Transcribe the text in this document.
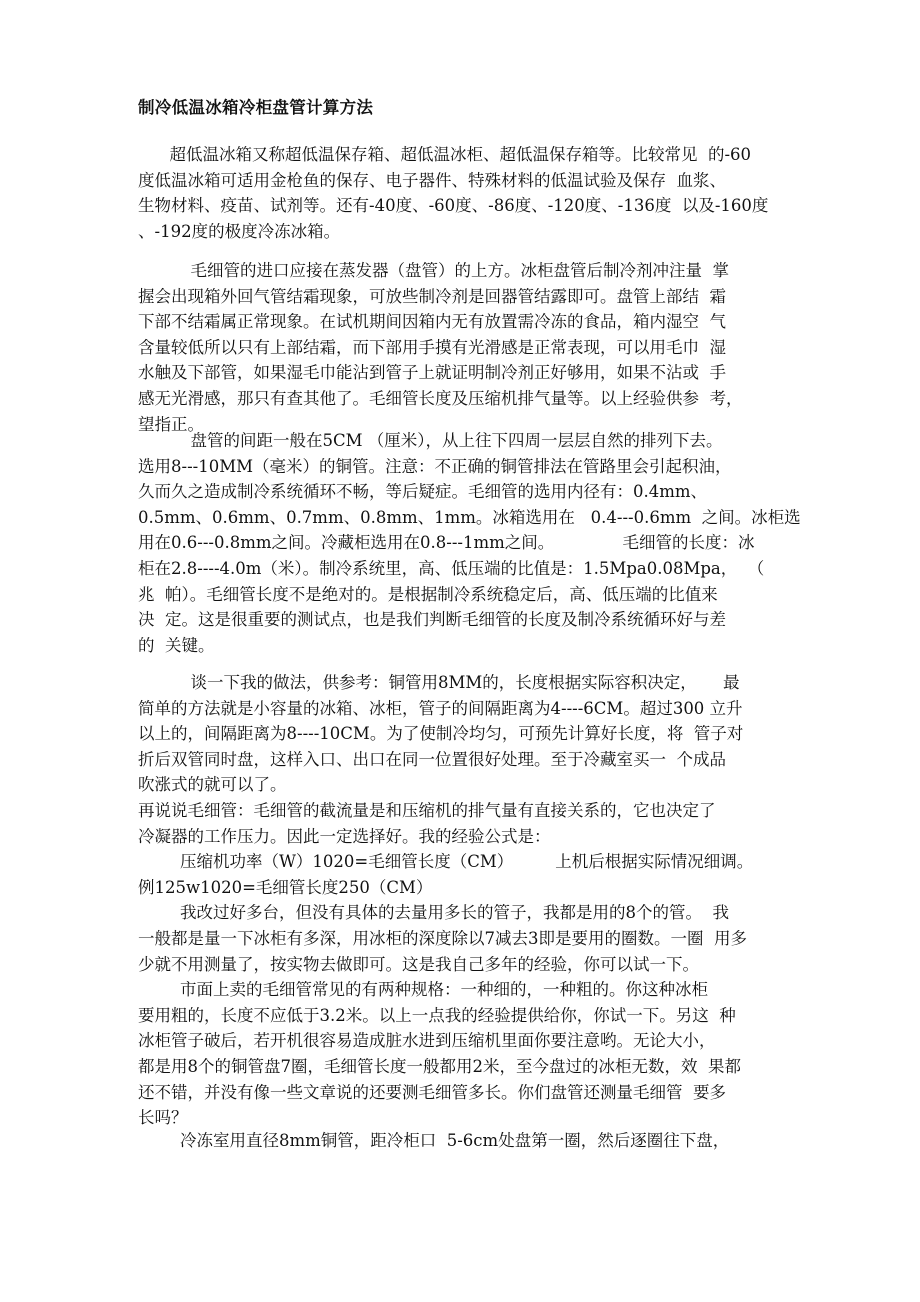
制冷低温冰箱冷柜盘管计算方法
超低温冰箱又称超低温保存箱、超低温冰柜、超低温保存箱等。比较常见  的-60
度低温冰箱可适用金枪鱼的保存、电子器件、特殊材料的低温试验及保存  血浆、
生物材料、疫苗、试剂等。还有-40度、-60度、-86度、-120度、-136度  以及-160度
、-192度的极度冷冻冰箱。
毛细管的进口应接在蒸发器（盘管）的上方。冰柜盘管后制冷剂冲注量  掌
握会出现箱外回气管结霜现象，可放些制冷剂是回器管结露即可。盘管上部结  霜
下部不结霜属正常现象。在试机期间因箱内无有放置需冷冻的食品，箱内湿空  气
含量较低所以只有上部结霜，而下部用手摸有光滑感是正常表现，可以用毛巾  湿
水触及下部管，如果湿毛巾能沾到管子上就证明制冷剂正好够用，如果不沾或  手
感无光滑感，那只有查其他了。毛细管长度及压缩机排气量等。以上经验供参  考，
望指正。
盘管的间距一般在5CM （厘米），从上往下四周一层层自然的排列下去。
选用8---10MM（毫米）的铜管。注意：不正确的铜管排法在管路里会引起积油，
久而久之造成制冷系统循环不畅，等后疑症。毛细管的选用内径有：0.4mm、
0.5mm、0.6mm、0.7mm、0.8mm、1mm。冰箱选用在   0.4---0.6mm  之间。冰柜选
用在0.6---0.8mm之间。冷藏柜选用在0.8---1mm之间。             毛细管的长度：冰
柜在2.8----4.0m（米）。制冷系统里，高、低压端的比值是：1.5Mpa0.08Mpa，  （
兆  帕）。毛细管长度不是绝对的。是根据制冷系统稳定后，高、低压端的比值来
决  定。这是很重要的测试点，也是我们判断毛细管的长度及制冷系统循环好与差
的  关键。
谈一下我的做法，供参考：铜管用8MM的，长度根据实际容积决定，     最
简单的方法就是小容量的冰箱、冰柜，管子的间隔距离为4----6CM。超过300 立升
以上的，间隔距离为8----10CM。为了使制冷均匀，可预先计算好长度，将  管子对
折后双管同时盘，这样入口、出口在同一位置很好处理。至于冷藏室买一  个成品
吹涨式的就可以了。
再说说毛细管：毛细管的截流量是和压缩机的排气量有直接关系的，它也决定了
冷凝器的工作压力。因此一定选择好。我的经验公式是：
压缩机功率（W）1020=毛细管长度（CM）        上机后根据实际情况细调。
例125w1020=毛细管长度250（CM）
我改过好多台，但没有具体的去量用多长的管子，我都是用的8个的管。  我
一般都是量一下冰柜有多深，用冰柜的深度除以7减去3即是要用的圈数。一圈  用多
少就不用测量了，按实物去做即可。这是我自己多年的经验，你可以试一下。
市面上卖的毛细管常见的有两种规格：一种细的，一种粗的。你这种冰柜
要用粗的，长度不应低于3.2米。以上一点我的经验提供给你，你试一下。另这  种
冰柜管子破后，若开机很容易造成脏水进到压缩机里面你要注意哟。无论大小，
都是用8个的铜管盘7圈，毛细管长度一般都用2米，至今盘过的冰柜无数，效  果都
还不错，并没有像一些文章说的还要测毛细管多长。你们盘管还测量毛细管  要多
长吗？
冷冻室用直径8mm铜管，距冷柜口  5-6cm处盘第一圈，然后逐圈往下盘，
